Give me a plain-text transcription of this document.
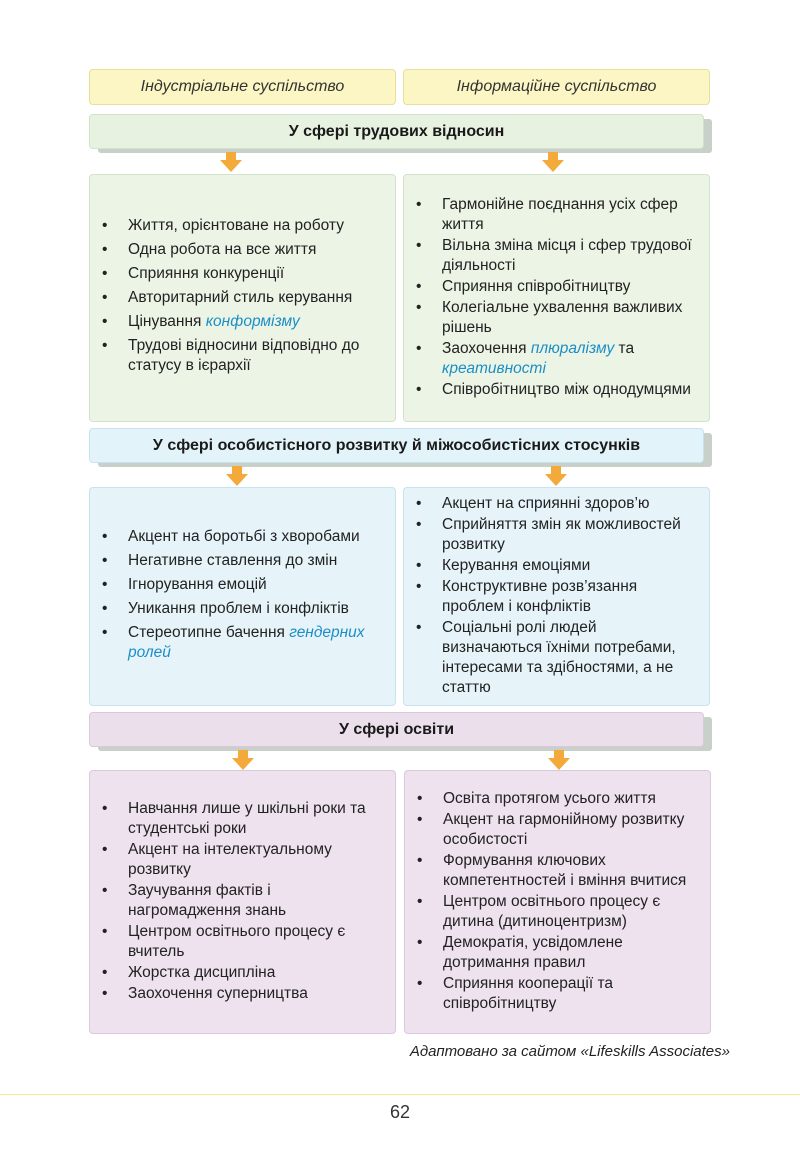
Індустріальне суспільство	Інформаційне суспільство
У сфері трудових відносин
• Життя, орієнтоване на роботу
• Одна робота на все життя
• Сприяння конкуренції
• Авторитарний стиль керування
• Цінування конформізму
• Трудові відносини відповідно до статусу в ієрархії
• Гармонійне поєднання усіх сфер життя
• Вільна зміна місця і сфер трудової діяльності
• Сприяння співробітництву
• Колегіальне ухвалення важливих рішень
• Заохочення плюралізму та креативності
• Співробітництво між однодумцями
У сфері особистісного розвитку й міжособистісних стосунків
• Акцент на боротьбі з хворобами
• Негативне ставлення до змін
• Ігнорування емоцій
• Уникання проблем і конфліктів
• Стереотипне бачення гендерних ролей
• Акцент на сприянні здоров’ю
• Сприйняття змін як можливостей розвитку
• Керування емоціями
• Конструктивне розв’язання проблем і конфліктів
• Соціальні ролі людей визначаються їхніми потребами, інтересами та здібностями, а не статтю
У сфері освіти
• Навчання лише у шкільні роки та студентські роки
• Акцент на інтелектуальному розвитку
• Заучування фактів і нагромадження знань
• Центром освітнього процесу є вчитель
• Жорстка дисципліна
• Заохочення суперництва
• Освіта протягом усього життя
• Акцент на гармонійному розвитку особистості
• Формування ключових компетентностей і вміння вчитися
• Центром освітнього процесу є дитина (дитиноцентризм)
• Демократія, усвідомлене дотримання правил
• Сприяння кооперації та співробітництву
Адаптовано за сайтом «Lifeskills Associates»
62
